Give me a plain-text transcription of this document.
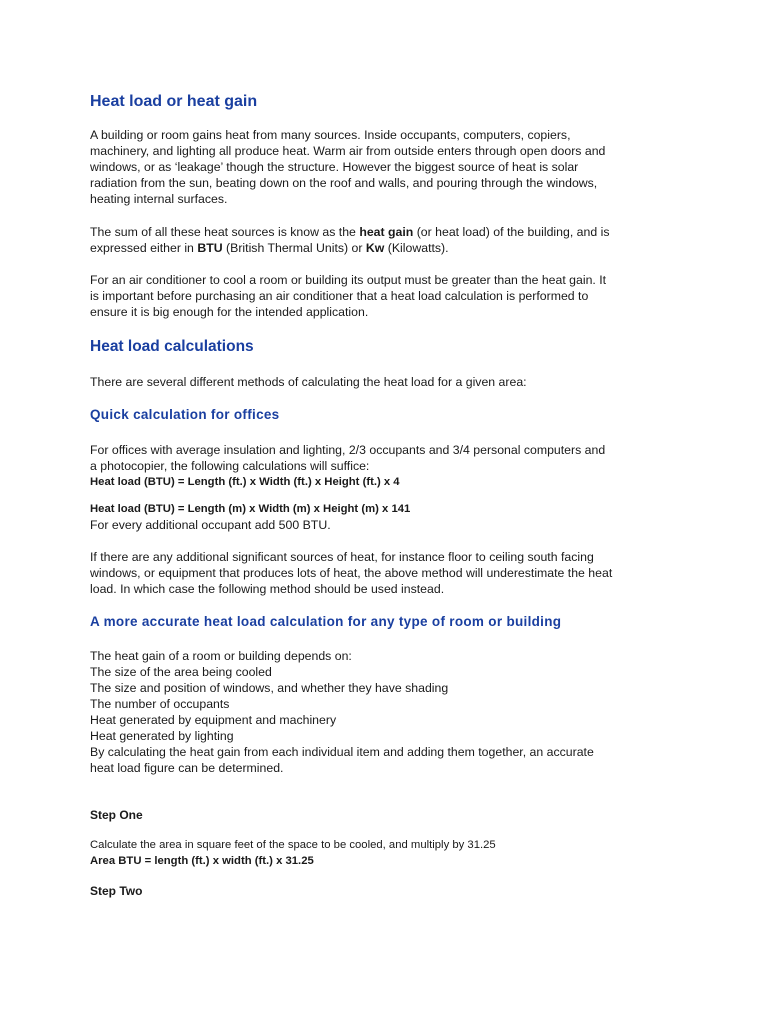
Heat load or heat gain

A building or room gains heat from many sources. Inside occupants, computers, copiers,
machinery, and lighting all produce heat. Warm air from outside enters through open doors and
windows, or as ‘leakage’ though the structure. However the biggest source of heat is solar
radiation from the sun, beating down on the roof and walls, and pouring through the windows,
heating internal surfaces.

The sum of all these heat sources is know as the heat gain (or heat load) of the building, and is
expressed either in BTU (British Thermal Units) or Kw (Kilowatts).

For an air conditioner to cool a room or building its output must be greater than the heat gain. It
is important before purchasing an air conditioner that a heat load calculation is performed to
ensure it is big enough for the intended application.

Heat load calculations

There are several different methods of calculating the heat load for a given area:

Quick calculation for offices

For offices with average insulation and lighting, 2/3 occupants and 3/4 personal computers and
a photocopier, the following calculations will suffice:
Heat load (BTU) = Length (ft.) x Width (ft.) x Height (ft.) x 4

Heat load (BTU) = Length (m) x Width (m) x Height (m) x 141
For every additional occupant add 500 BTU.

If there are any additional significant sources of heat, for instance floor to ceiling south facing
windows, or equipment that produces lots of heat, the above method will underestimate the heat
load. In which case the following method should be used instead.

A more accurate heat load calculation for any type of room or building

The heat gain of a room or building depends on:
The size of the area being cooled
The size and position of windows, and whether they have shading
The number of occupants
Heat generated by equipment and machinery
Heat generated by lighting
By calculating the heat gain from each individual item and adding them together, an accurate
heat load figure can be determined.

Step One

Calculate the area in square feet of the space to be cooled, and multiply by 31.25
Area BTU = length (ft.) x width (ft.) x 31.25

Step Two
